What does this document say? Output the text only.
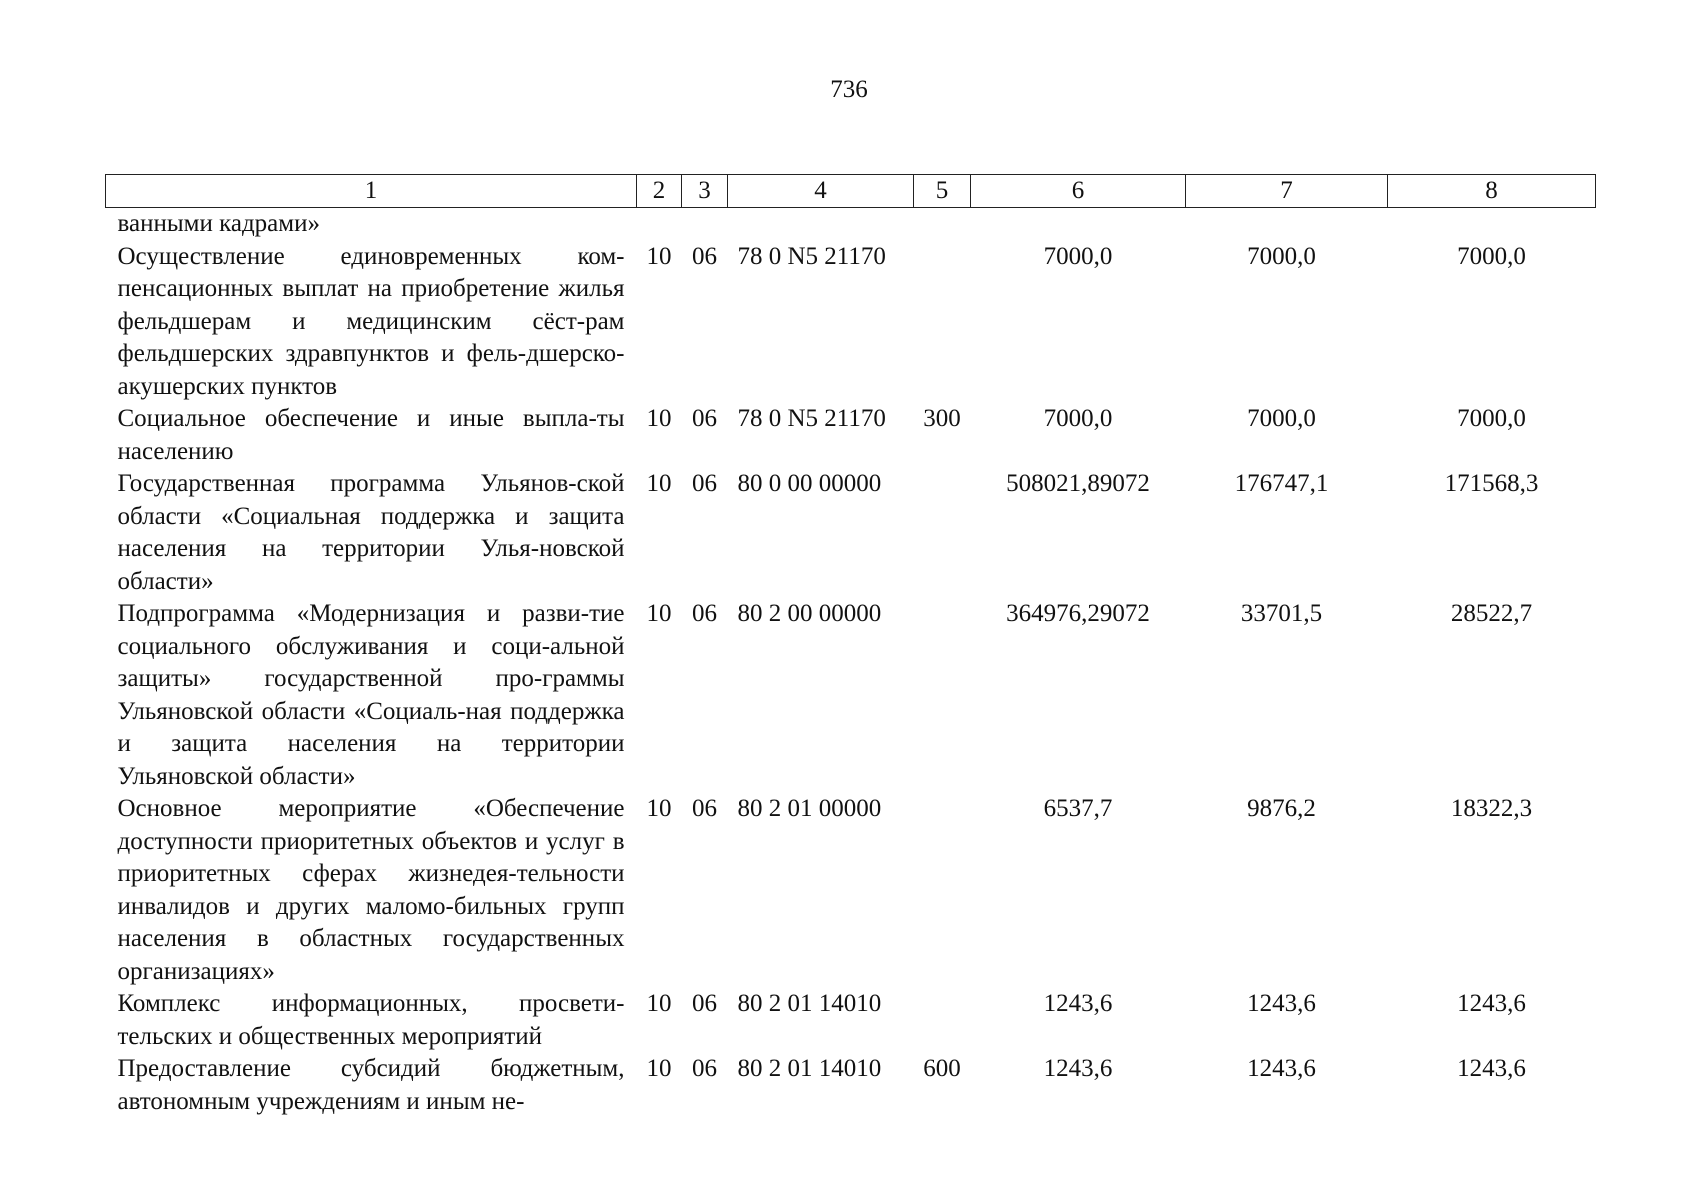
736
1	2	3	4	5	6	7	8
ванными кадрами»							
Осуществление единовременных ком-пенсационных выплат на приобретение жилья фельдшерам и медицинским сёст-рам фельдшерских здравпунктов и фель-дшерско-акушерских пунктов	10	06	78 0 N5 21170		7000,0	7000,0	7000,0
Социальное обеспечение и иные выпла-ты населению	10	06	78 0 N5 21170	300	7000,0	7000,0	7000,0
Государственная программа Ульянов-ской области «Социальная поддержка и защита населения на территории Улья-новской области»	10	06	80 0 00 00000		508021,89072	176747,1	171568,3
Подпрограмма «Модернизация и разви-тие социального обслуживания и соци-альной защиты» государственной про-граммы Ульяновской области «Социаль-ная поддержка и защита населения на территории Ульяновской области»	10	06	80 2 00 00000		364976,29072	33701,5	28522,7
Основное мероприятие «Обеспечение доступности приоритетных объектов и услуг в приоритетных сферах жизнедея-тельности инвалидов и других маломо-бильных групп населения в областных государственных организациях»	10	06	80 2 01 00000		6537,7	9876,2	18322,3
Комплекс информационных, просвети-тельских и общественных мероприятий	10	06	80 2 01 14010		1243,6	1243,6	1243,6
Предоставление субсидий бюджетным, автономным учреждениям и иным не-	10	06	80 2 01 14010	600	1243,6	1243,6	1243,6
